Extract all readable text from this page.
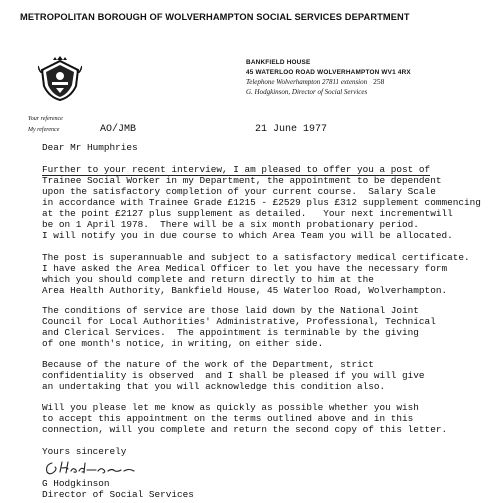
METROPOLITAN BOROUGH OF WOLVERHAMPTON SOCIAL SERVICES DEPARTMENT
BANKFIELD HOUSE
45 WATERLOO ROAD WOLVERHAMPTON WV1 4RX
Telephone Wolverhampton 27811 extension 258
G. Hodgkinson, Director of Social Services
Your reference
My reference	AO/JMB	21 June 1977
Dear Mr Humphries
Further to your recent interview, I am pleased to offer you a post of
Trainee Social Worker in my Department, the appointment to be dependent
upon the satisfactory completion of your current course.  Salary Scale
in accordance with Trainee Grade £1215 - £2529 plus £312 supplement commencing
at the point £2127 plus supplement as detailed.   Your next incrementwill
be on 1 April 1978.  There will be a six month probationary period.
I will notify you in due course to which Area Team you will be allocated.
The post is superannuable and subject to a satisfactory medical certificate.
I have asked the Area Medical Officer to let you have the necessary form
which you should complete and return directly to him at the
Area Health Authority, Bankfield House, 45 Waterloo Road, Wolverhampton.
The conditions of service are those laid down by the National Joint
Council for Local Authorities' Administrative, Professional, Technical
and Clerical Services.  The appointment is terminable by the giving
of one month's notice, in writing, on either side.
Because of the nature of the work of the Department, strict
confidentiality is observed  and I shall be pleased if you will give
an undertaking that you will acknowledge this condition also.
Will you please let me know as quickly as possible whether you wish
to accept this appointment on the terms outlined above and in this
connection, will you complete and return the second copy of this letter.
Yours sincerely
G Hodgkinson
Director of Social Services
